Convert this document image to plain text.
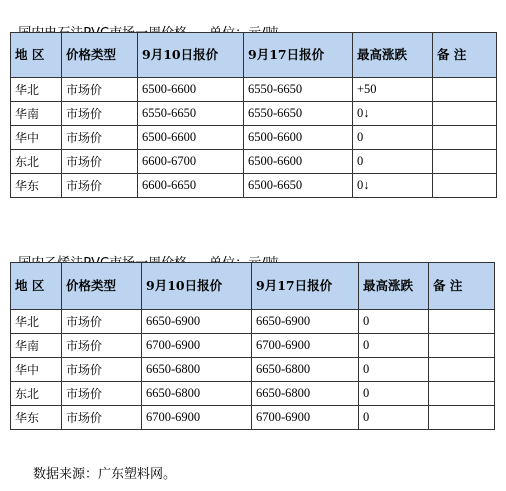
地 区	价格类型	9月10日报价	9月17日报价	最高涨跌	备 注
华北	市场价	6500-6600	6550-6650	+50	
华南	市场价	6550-6650	6550-6650	0↓	
华中	市场价	6500-6600	6500-6600	0	
东北	市场价	6600-6700	6500-6600	0	
华东	市场价	6600-6650	6500-6650	0↓	

地 区	价格类型	9月10日报价	9月17日报价	最高涨跌	备 注
华北	市场价	6650-6900	6650-6900	0	
华南	市场价	6700-6900	6700-6900	0	
华中	市场价	6650-6800	6650-6800	0	
东北	市场价	6650-6800	6650-6800	0	
华东	市场价	6700-6900	6700-6900	0	
数据来源：广东塑料网。
